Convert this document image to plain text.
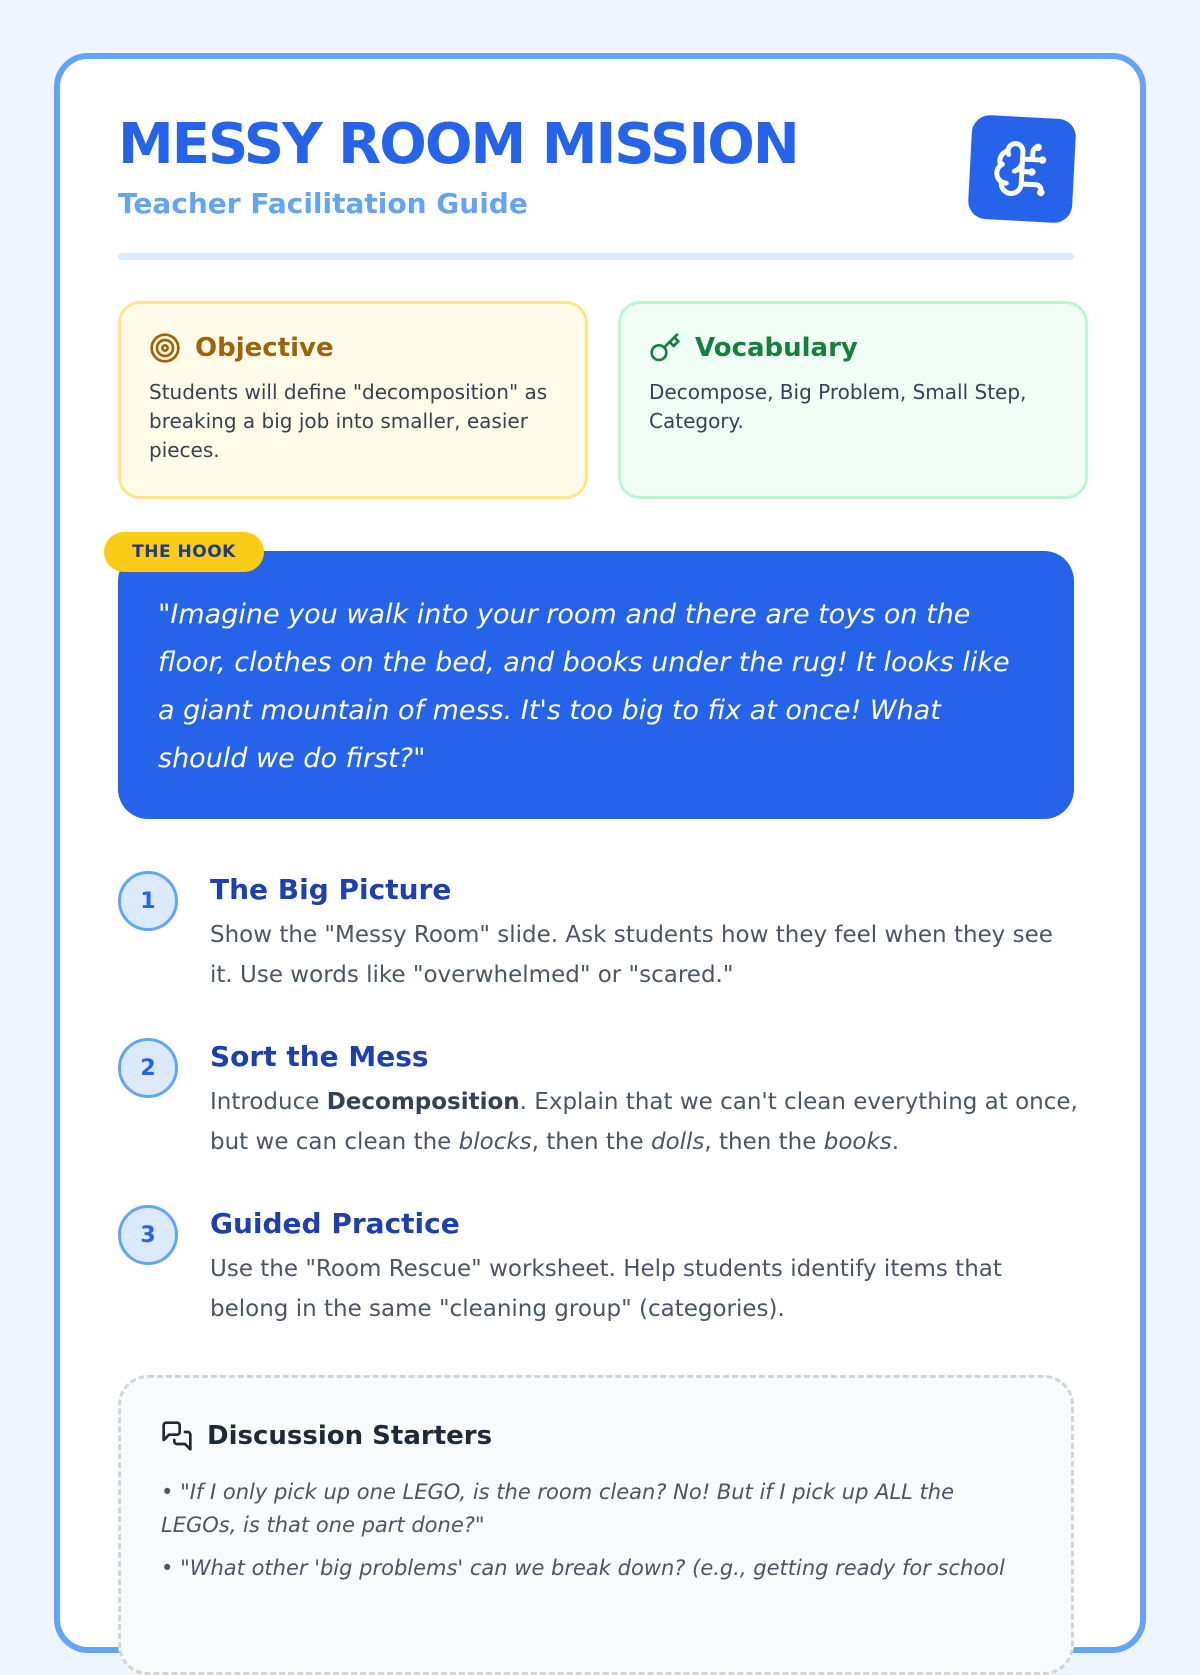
MESSY ROOM MISSION
Teacher Facilitation Guide
Objective
Students will define "decomposition" as breaking a big job into smaller, easier pieces.
Vocabulary
Decompose, Big Problem, Small Step, Category.
"Imagine you walk into your room and there are toys on the floor, clothes on the bed, and books under the rug! It looks like a giant mountain of mess. It's too big to fix at once! What should we do first?"
THE HOOK
1	The Big Picture
Show the "Messy Room" slide. Ask students how they feel when they see it. Use words like "overwhelmed" or "scared."
2	Sort the Mess
Introduce Decomposition. Explain that we can't clean everything at once, but we can clean the blocks, then the dolls, then the books.
3	Guided Practice
Use the "Room Rescue" worksheet. Help students identify items that belong in the same "cleaning group" (categories).
Discussion Starters
• "If I only pick up one LEGO, is the room clean? No! But if I pick up ALL the LEGOs, is that one part done?"
• "What other 'big problems' can we break down? (e.g., getting ready for school
